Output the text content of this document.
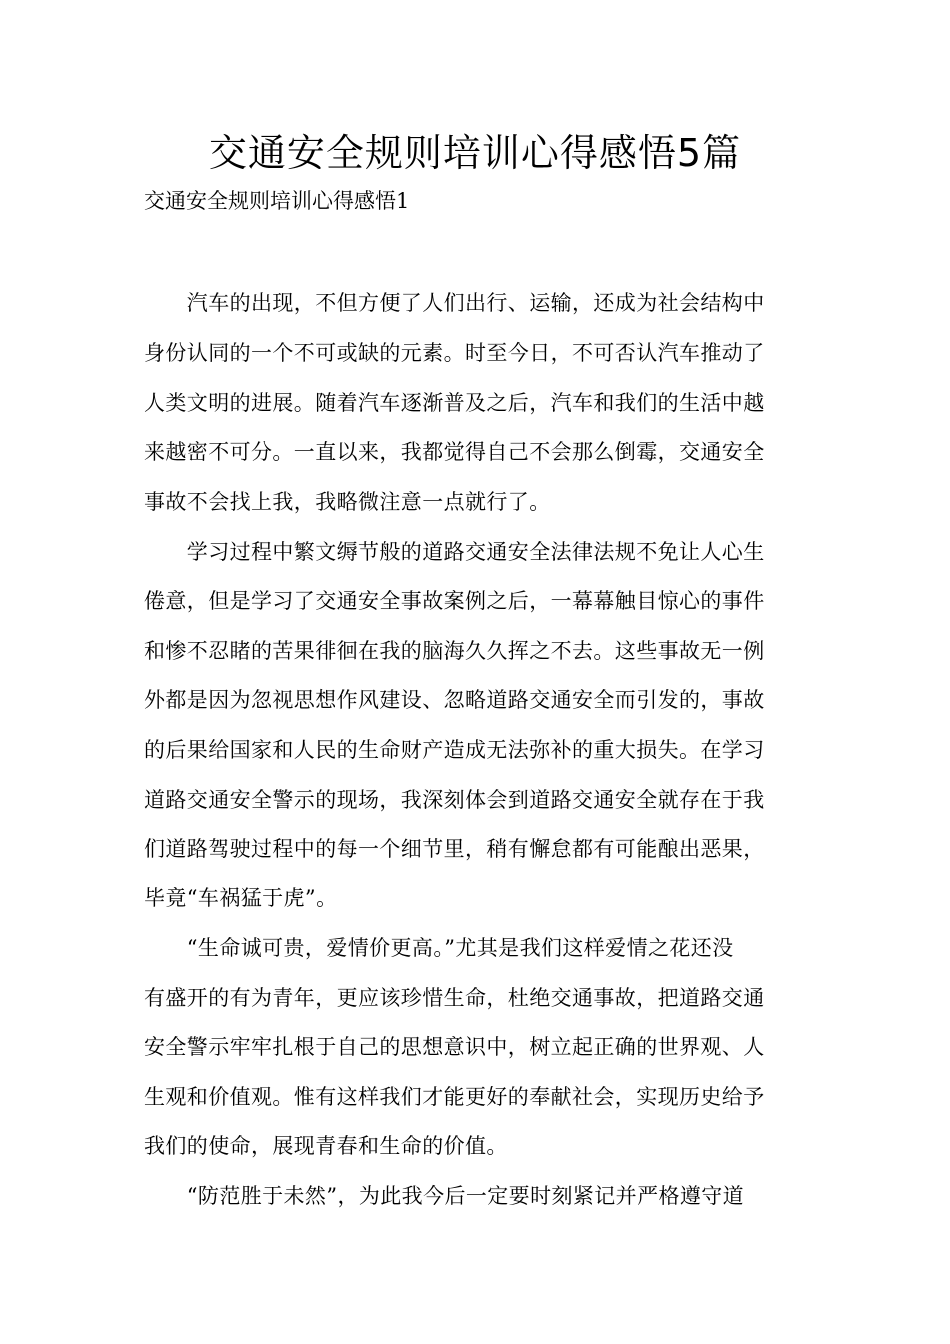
交通安全规则培训心得感悟5篇
交通安全规则培训心得感悟1
　　汽车的出现，不但方便了人们出行、运输，还成为社会结构中
身份认同的一个不可或缺的元素。时至今日，不可否认汽车推动了
人类文明的进展。随着汽车逐渐普及之后，汽车和我们的生活中越
来越密不可分。一直以来，我都觉得自己不会那么倒霉，交通安全
事故不会找上我，我略微注意一点就行了。
　　学习过程中繁文缛节般的道路交通安全法律法规不免让人心生
倦意，但是学习了交通安全事故案例之后，一幕幕触目惊心的事件
和惨不忍睹的苦果徘徊在我的脑海久久挥之不去。这些事故无一例
外都是因为忽视思想作风建设、忽略道路交通安全而引发的，事故
的后果给国家和人民的生命财产造成无法弥补的重大损失。在学习
道路交通安全警示的现场，我深刻体会到道路交通安全就存在于我
们道路驾驶过程中的每一个细节里，稍有懈怠都有可能酿出恶果，
毕竟“车祸猛于虎”。
　　“生命诚可贵，爱情价更高。”尤其是我们这样爱情之花还没
有盛开的有为青年，更应该珍惜生命，杜绝交通事故，把道路交通
安全警示牢牢扎根于自己的思想意识中，树立起正确的世界观、人
生观和价值观。惟有这样我们才能更好的奉献社会，实现历史给予
我们的使命，展现青春和生命的价值。
　　“防范胜于未然”，为此我今后一定要时刻紧记并严格遵守道
